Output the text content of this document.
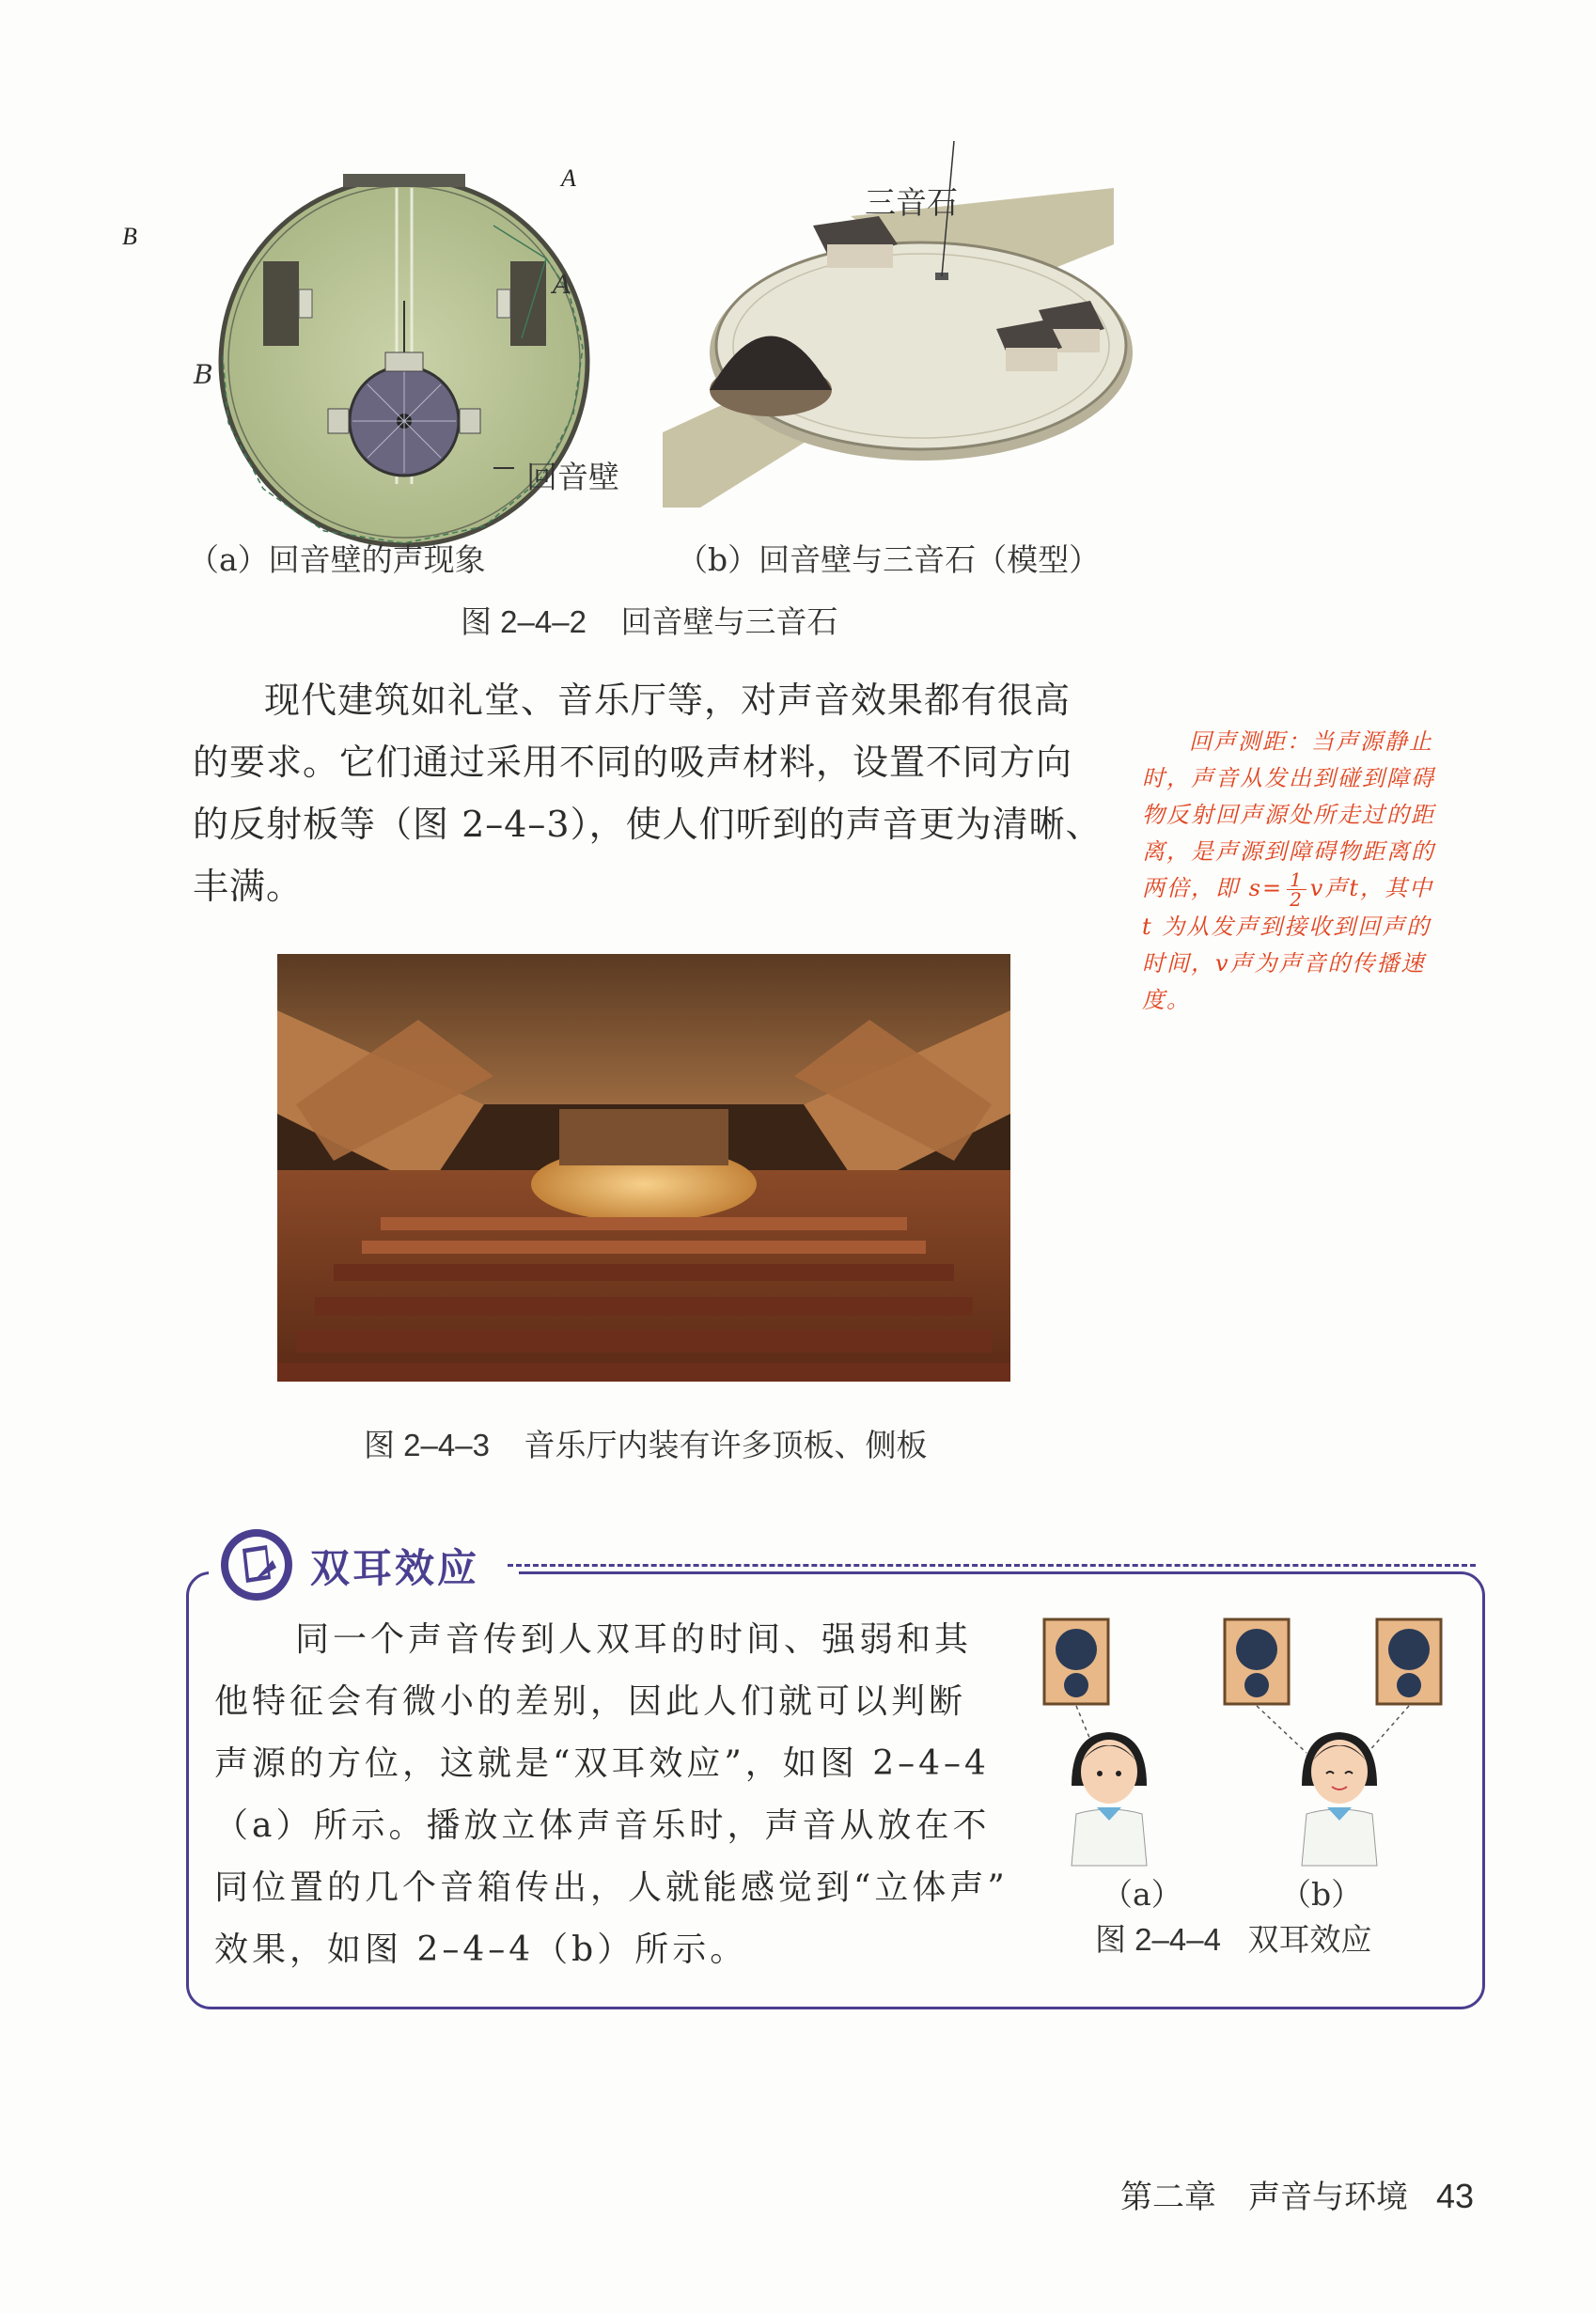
A
B
A
B
回音壁
三音石
（a）回音壁的声现象	（b）回音壁与三音石（模型）
图 2–4–2 回音壁与三音石
现代建筑如礼堂、音乐厅等，对声音效果都有很高
的要求。它们通过采用不同的吸声材料，设置不同方向
的反射板等（图 2–4–3），使人们听到的声音更为清晰、
丰满。
回声测距：当声源静止
时，声音从发出到碰到障碍
物反射回声源处所走过的距
离，是声源到障碍物距离的
两倍，即 $s= \frac{1}{2}$ v声t，其中
t 为从发声到接收到回声的
时间，v声为声音的传播速
度。
图 2–4–3 音乐厅内装有许多顶板、侧板
双耳效应
同一个声音传到人双耳的时间、强弱和其
他特征会有微小的差别，因此人们就可以判断
声源的方位，这就是“双耳效应”，如图 2–4–4
（a）所示。播放立体声音乐时，声音从放在不
同位置的几个音箱传出，人就能感觉到“立体声”
效果，如图 2–4–4（b）所示。
（a）	（b）
图 2–4–4 双耳效应
第二章　声音与环境 43
